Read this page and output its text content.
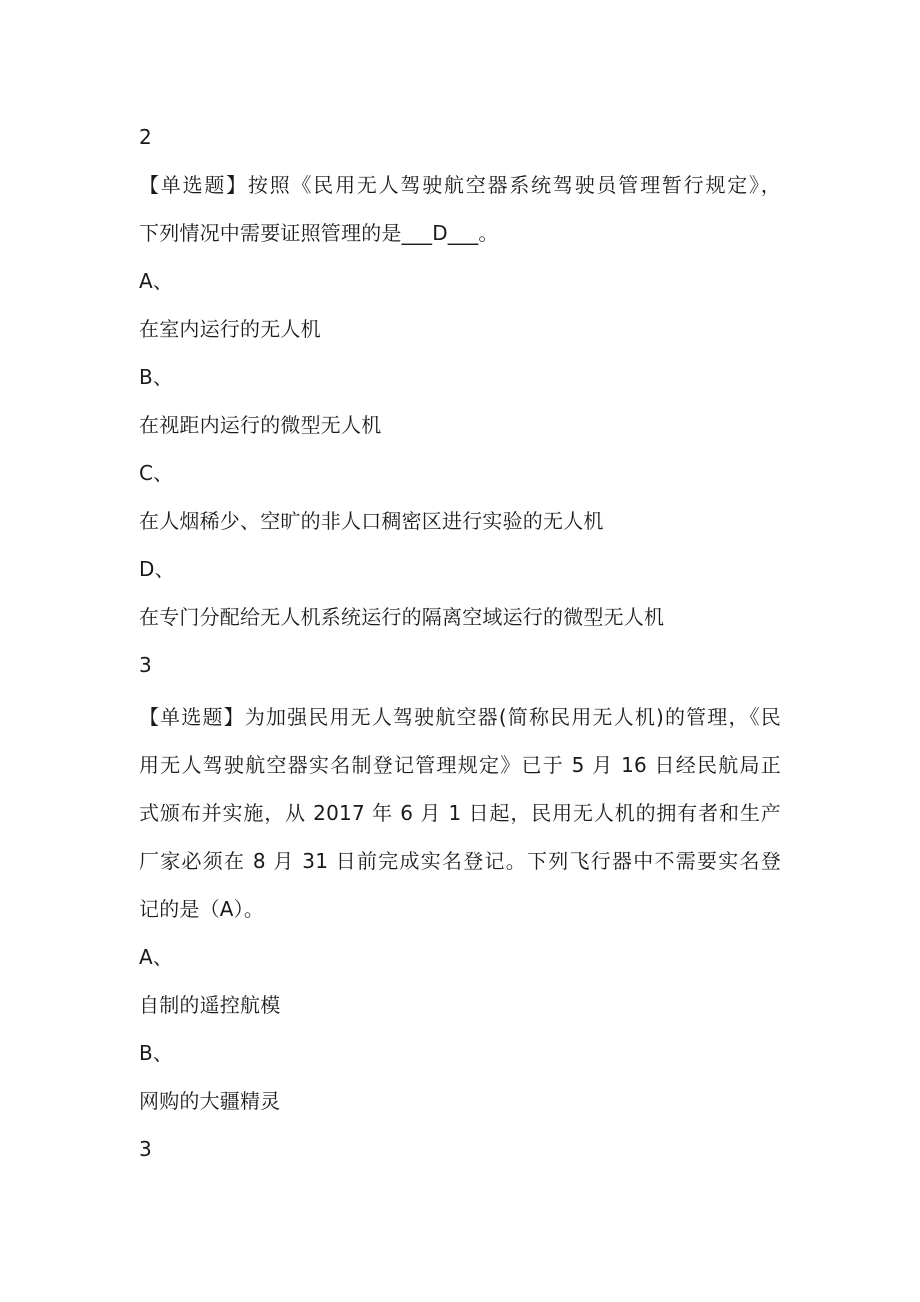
2
【单选题】按照《民用无人驾驶航空器系统驾驶员管理暂行规定》，
下列情况中需要证照管理的是___D___。
A、
在室内运行的无人机
B、
在视距内运行的微型无人机
C、
在人烟稀少、空旷的非人口稠密区进行实验的无人机
D、
在专门分配给无人机系统运行的隔离空域运行的微型无人机
3
【单选题】为加强民用无人驾驶航空器(简称民用无人机)的管理，《民
用无人驾驶航空器实名制登记管理规定》已于 5 月 16 日经民航局正
式颁布并实施，从 2017 年 6 月 1 日起，民用无人机的拥有者和生产
厂家必须在 8 月 31 日前完成实名登记。下列飞行器中不需要实名登
记的是（A）。
A、
自制的遥控航模
B、
网购的大疆精灵
3
